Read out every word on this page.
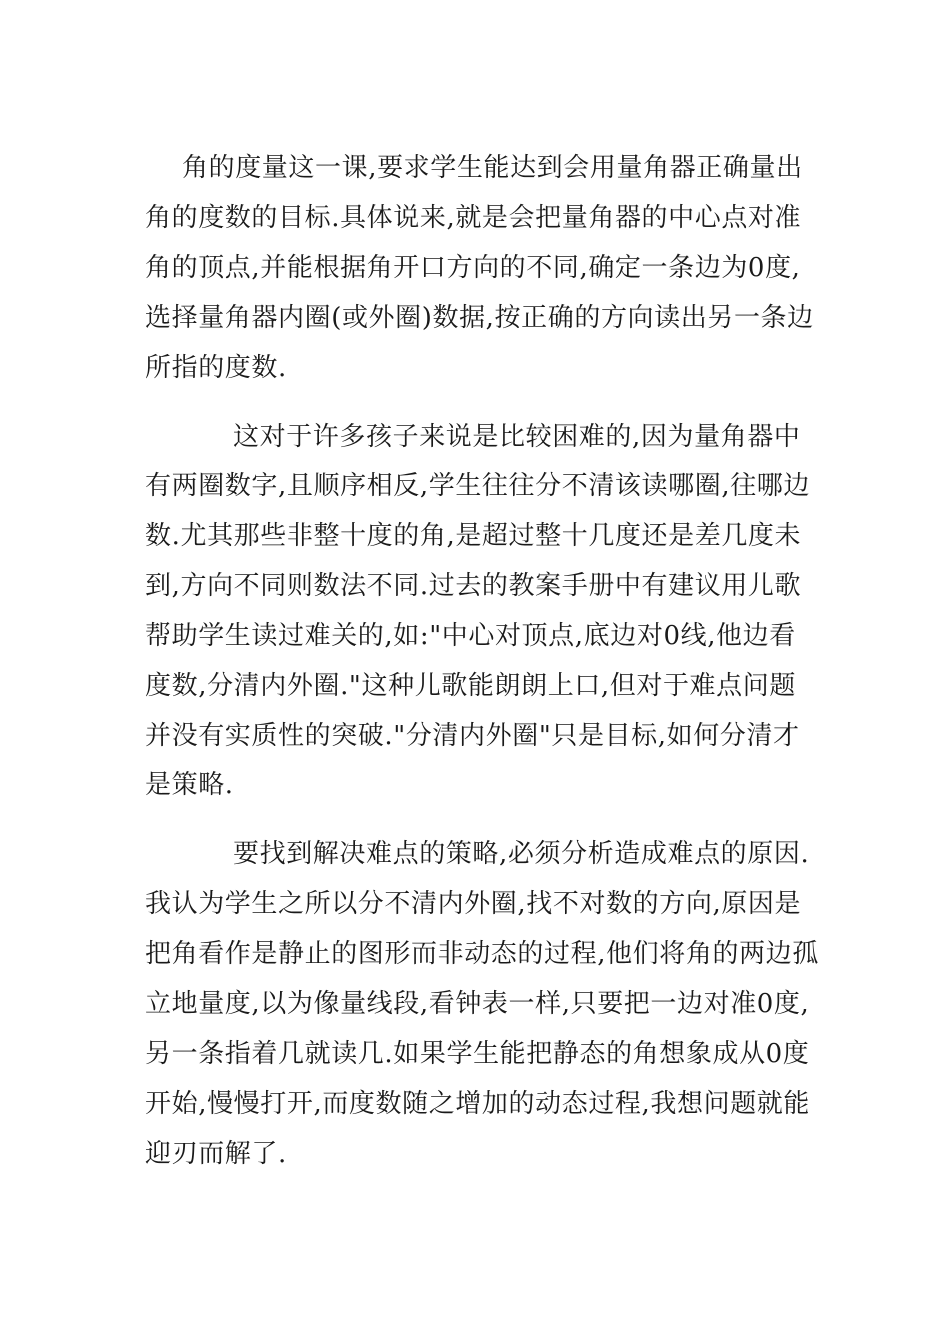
角的度量这一课,要求学生能达到会用量角器正确量出
角的度数的目标.具体说来,就是会把量角器的中心点对准
角的顶点,并能根据角开口方向的不同,确定一条边为0度,
选择量角器内圈(或外圈)数据,按正确的方向读出另一条边
所指的度数.
这对于许多孩子来说是比较困难的,因为量角器中
有两圈数字,且顺序相反,学生往往分不清该读哪圈,往哪边
数.尤其那些非整十度的角,是超过整十几度还是差几度未
到,方向不同则数法不同.过去的教案手册中有建议用儿歌
帮助学生读过难关的,如:"中心对顶点,底边对0线,他边看
度数,分清内外圈."这种儿歌能朗朗上口,但对于难点问题
并没有实质性的突破."分清内外圈"只是目标,如何分清才
是策略.
要找到解决难点的策略,必须分析造成难点的原因.
我认为学生之所以分不清内外圈,找不对数的方向,原因是
把角看作是静止的图形而非动态的过程,他们将角的两边孤
立地量度,以为像量线段,看钟表一样,只要把一边对准0度,
另一条指着几就读几.如果学生能把静态的角想象成从0度
开始,慢慢打开,而度数随之增加的动态过程,我想问题就能
迎刃而解了.
